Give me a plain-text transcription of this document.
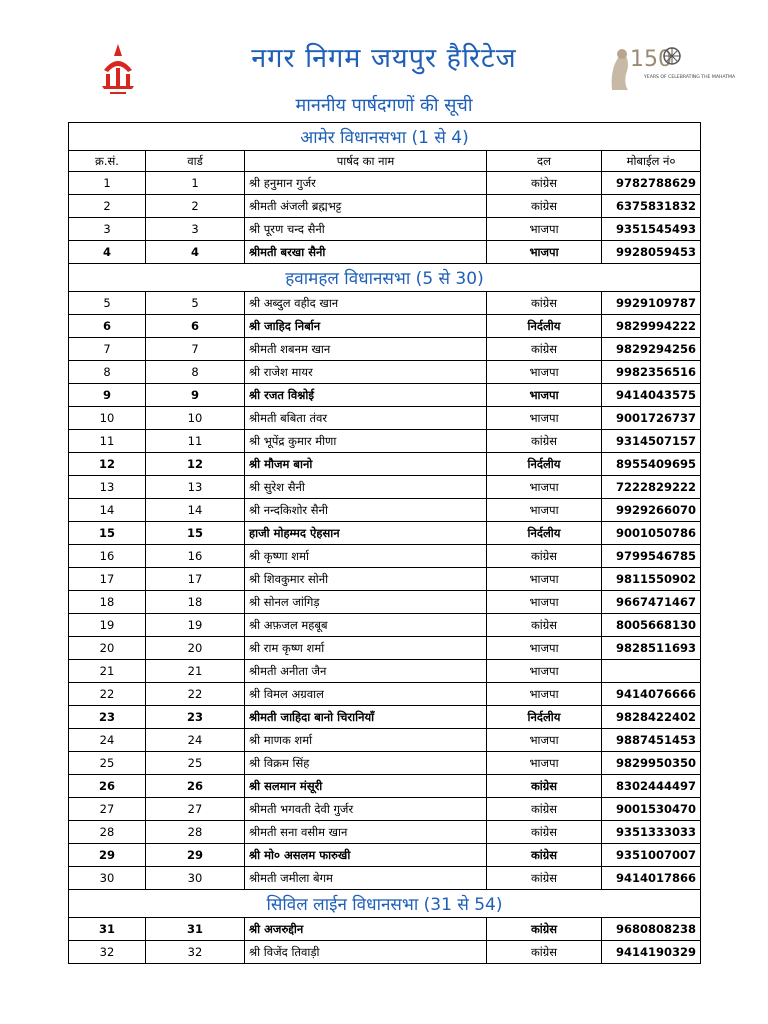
नगर निगम जयपुर हैरिटेज	150
YEARS OF CELEBRATING THE MAHATMA
माननीय पार्षदगणों की सूची
आमेर विधानसभा (1 से 4)				
क्र.सं.	वार्ड	पार्षद का नाम	दल	मोबाईल नं०
1	1	श्री हनुमान गुर्जर	कांग्रेस	9782788629
2	2	श्रीमती अंजली ब्रह्मभट्ट	कांग्रेस	6375831832
3	3	श्री पूरण चन्द सैनी	भाजपा	9351545493
4	4	श्रीमती बरखा सैनी	भाजपा	9928059453
हवामहल विधानसभा (5 से 30)				
5	5	श्री अब्दुल वहीद खान	कांग्रेस	9929109787
6	6	श्री जाहिद निर्बान	निर्दलीय	9829994222
7	7	श्रीमती शबनम खान	कांग्रेस	9829294256
8	8	श्री राजेश मायर	भाजपा	9982356516
9	9	श्री रजत विश्नोई	भाजपा	9414043575
10	10	श्रीमती बबिता तंवर	भाजपा	9001726737
11	11	श्री भूपेंद्र कुमार मीणा	कांग्रेस	9314507157
12	12	श्री मौजम बानो	निर्दलीय	8955409695
13	13	श्री सुरेश सैनी	भाजपा	7222829222
14	14	श्री नन्दकिशोर सैनी	भाजपा	9929266070
15	15	हाजी मोहम्मद ऐहसान	निर्दलीय	9001050786
16	16	श्री कृष्णा शर्मा	कांग्रेस	9799546785
17	17	श्री शिवकुमार सोनी	भाजपा	9811550902
18	18	श्री सोनल जांगिड़	भाजपा	9667471467
19	19	श्री अफ़जल महबूब	कांग्रेस	8005668130
20	20	श्री राम कृष्ण शर्मा	भाजपा	9828511693
21	21	श्रीमती अनीता जैन	भाजपा	
22	22	श्री विमल अग्रवाल	भाजपा	9414076666
23	23	श्रीमती जाहिदा बानो चिरानियाँ	निर्दलीय	9828422402
24	24	श्री माणक शर्मा	भाजपा	9887451453
25	25	श्री विक्रम सिंह	भाजपा	9829950350
26	26	श्री सलमान मंसूरी	कांग्रेस	8302444497
27	27	श्रीमती भगवती देवी गुर्जर	कांग्रेस	9001530470
28	28	श्रीमती सना वसीम खान	कांग्रेस	9351333033
29	29	श्री मो० असलम फारुखी	कांग्रेस	9351007007
30	30	श्रीमती जमीला बेगम	कांग्रेस	9414017866
सिविल लाईन विधानसभा (31 से 54)				
31	31	श्री अजरुद्दीन	कांग्रेस	9680808238
32	32	श्री विजेंद तिवाड़ी	कांग्रेस	9414190329
